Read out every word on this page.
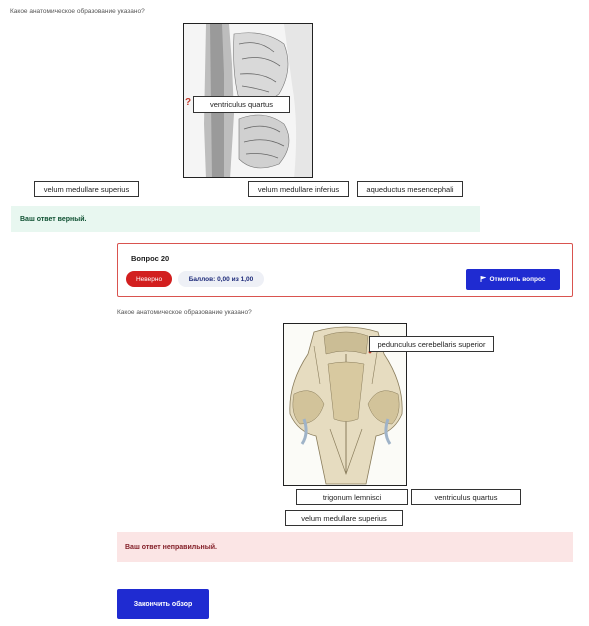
Какое анатомическое образование указано?
?	ventriculus quartus
velum medullare superius	velum medullare inferius	aqueductus mesencephali
Ваш ответ верный.
Вопрос 20
Неверно	Баллов: 0,00 из 1,00	Отметить вопрос
Какое анатомическое образование указано?
pedunculus cerebellaris superior
trigonum lemnisci	ventriculus quartus
velum medullare superius
Ваш ответ неправильный.
Закончить обзор
